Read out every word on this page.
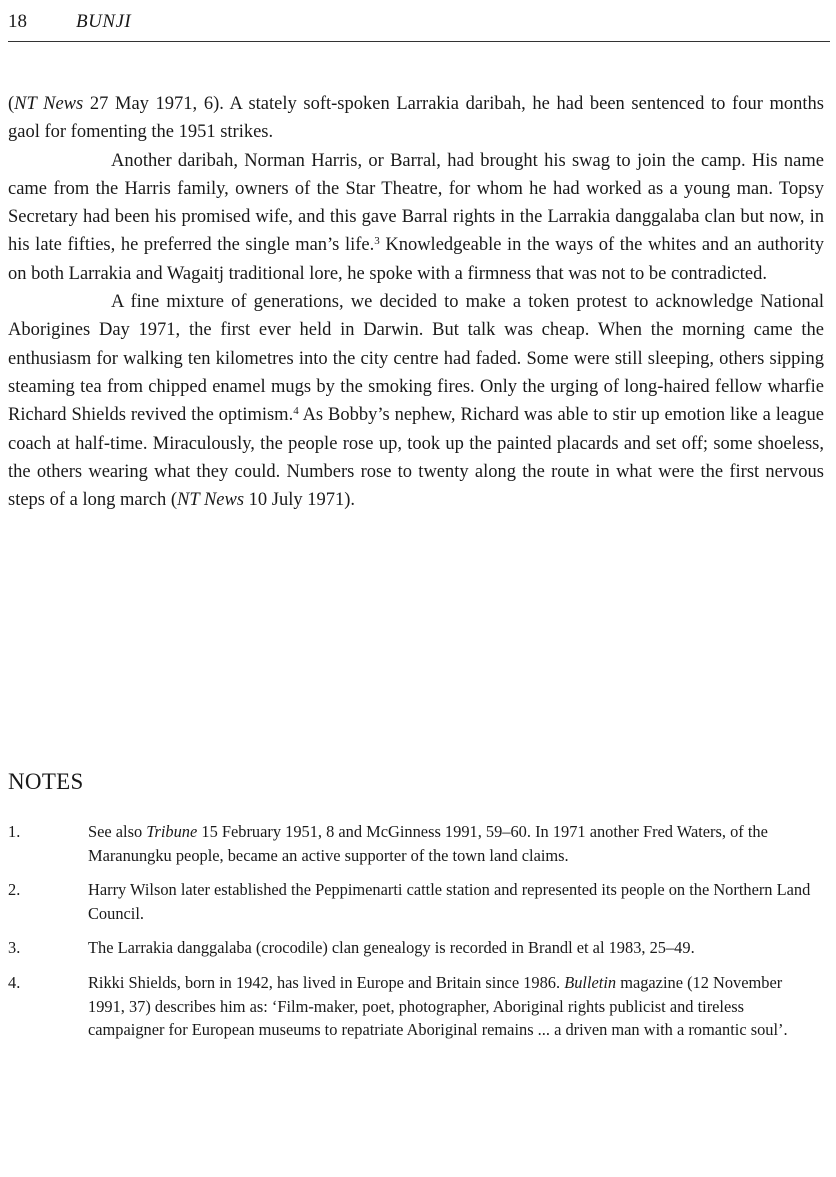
18	BUNJI

(NT News 27 May 1971, 6). A stately soft-spoken Larrakia daribah, he had been sentenced to four months gaol for fomenting the 1951 strikes.

Another daribah, Norman Harris, or Barral, had brought his swag to join the camp. His name came from the Harris family, owners of the Star Theatre, for whom he had worked as a young man. Topsy Secretary had been his promised wife, and this gave Barral rights in the Larrakia danggalaba clan but now, in his late fifties, he preferred the single man’s life.$^3$ Knowledgeable in the ways of the whites and an authority on both Larrakia and Wagaitj traditional lore, he spoke with a firmness that was not to be contradicted.

A fine mixture of generations, we decided to make a token protest to acknowledge National Aborigines Day 1971, the first ever held in Darwin. But talk was cheap. When the morning came the enthusiasm for walking ten kilometres into the city centre had faded. Some were still sleeping, others sipping steaming tea from chipped enamel mugs by the smoking fires. Only the urging of long-haired fellow wharfie Richard Shields revived the optimism.$^4$ As Bobby’s nephew, Richard was able to stir up emotion like a league coach at half-time. Miraculously, the people rose up, took up the painted placards and set off; some shoeless, the others wearing what they could. Numbers rose to twenty along the route in what were the first nervous steps of a long march (NT News 10 July 1971).

NOTES
1.	See also Tribune 15 February 1951, 8 and McGinness 1991, 59–60. In 1971 another Fred Waters, of the Maranungku people, became an active supporter of the town land claims.
2.	Harry Wilson later established the Peppimenarti cattle station and represented its people on the Northern Land Council.
3.	The Larrakia danggalaba (crocodile) clan genealogy is recorded in Brandl et al 1983, 25–49.
4.	Rikki Shields, born in 1942, has lived in Europe and Britain since 1986. Bulletin magazine (12 November 1991, 37) describes him as: ‘Film-maker, poet, photographer, Aboriginal rights publicist and tireless campaigner for European museums to repatriate Aboriginal remains ... a driven man with a romantic soul’.
